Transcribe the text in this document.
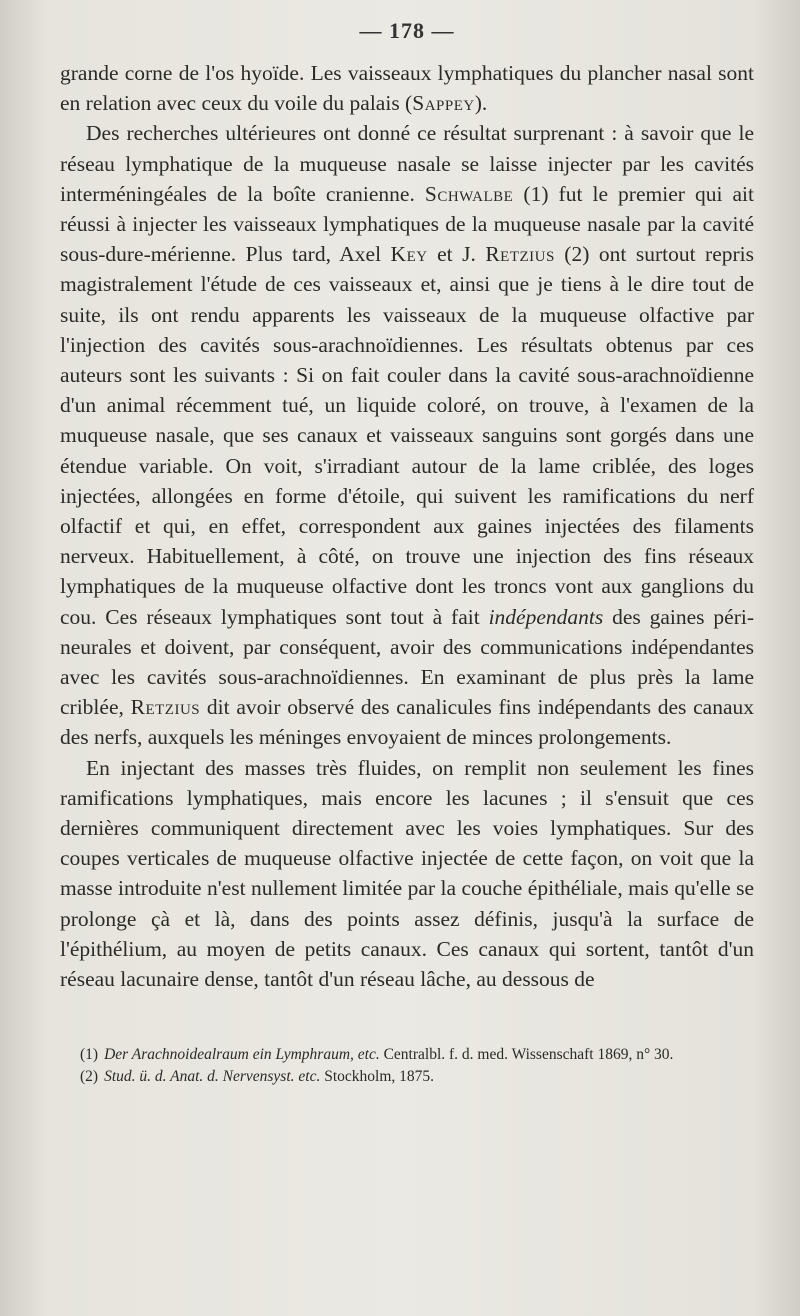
— 178 —

grande corne de l'os hyoïde. Les vaisseaux lymphatiques du plancher nasal sont en relation avec ceux du voile du palais (Sappey).

Des recherches ultérieures ont donné ce résultat surprenant : à savoir que le réseau lymphatique de la muqueuse nasale se laisse injecter par les cavités interméningéales de la boîte cranienne. Schwalbe (1) fut le premier qui ait réussi à injecter les vaisseaux lymphatiques de la muqueuse nasale par la cavité sous-dure-mérienne. Plus tard, Axel Key et J. Retzius (2) ont surtout repris magistralement l'étude de ces vaisseaux et, ainsi que je tiens à le dire tout de suite, ils ont rendu apparents les vaisseaux de la muqueuse olfactive par l'injection des cavités sous-arachnoïdiennes. Les résultats obtenus par ces auteurs sont les suivants : Si on fait couler dans la cavité sous-arachnoïdienne d'un animal récemment tué, un liquide coloré, on trouve, à l'examen de la muqueuse nasale, que ses canaux et vaisseaux sanguins sont gorgés dans une étendue variable. On voit, s'irradiant autour de la lame criblée, des loges injectées, allongées en forme d'étoile, qui suivent les ramifications du nerf olfactif et qui, en effet, correspondent aux gaines injectées des filaments nerveux. Habituellement, à côté, on trouve une injection des fins réseaux lymphatiques de la muqueuse olfactive dont les troncs vont aux ganglions du cou. Ces réseaux lymphatiques sont tout à fait indépendants des gaines péri-neurales et doivent, par conséquent, avoir des communications indépendantes avec les cavités sous-arachnoïdiennes. En examinant de plus près la lame criblée, Retzius dit avoir observé des canalicules fins indépendants des canaux des nerfs, auxquels les méninges envoyaient de minces prolongements.

En injectant des masses très fluides, on remplit non seulement les fines ramifications lymphatiques, mais encore les lacunes ; il s'ensuit que ces dernières communiquent directement avec les voies lymphatiques. Sur des coupes verticales de muqueuse olfactive injectée de cette façon, on voit que la masse introduite n'est nullement limitée par la couche épithéliale, mais qu'elle se prolonge çà et là, dans des points assez définis, jusqu'à la surface de l'épithélium, au moyen de petits canaux. Ces canaux qui sortent, tantôt d'un réseau lacunaire dense, tantôt d'un réseau lâche, au dessous de

(1) Der Arachnoidealraum ein Lymphraum, etc. Centralbl. f. d. med. Wissenschaft 1869, n° 30.

(2) Stud. ü. d. Anat. d. Nervensyst. etc. Stockholm, 1875.
